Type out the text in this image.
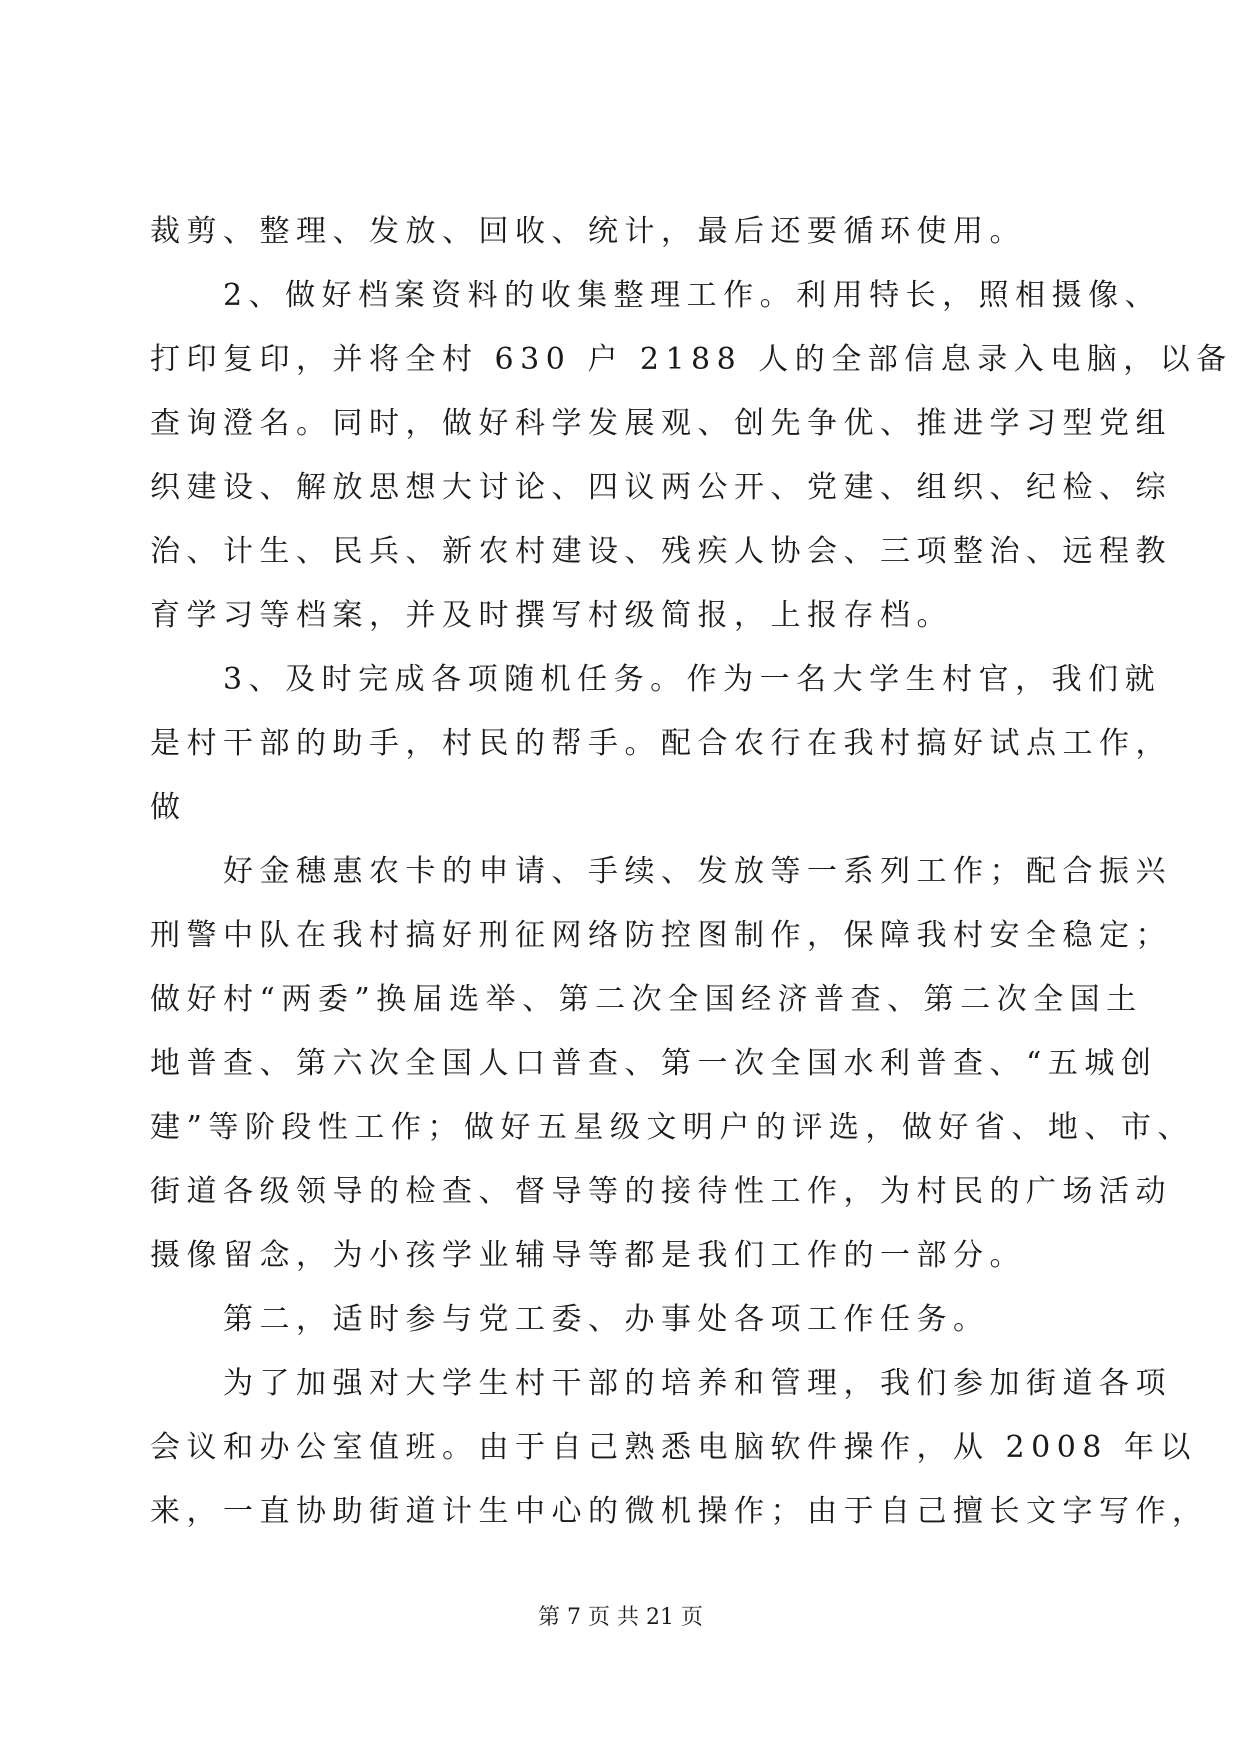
裁剪、整理、发放、回收、统计，最后还要循环使用。
　　2、做好档案资料的收集整理工作。利用特长，照相摄像、
打印复印，并将全村 630 户 2188 人的全部信息录入电脑，以备
查询澄名。同时，做好科学发展观、创先争优、推进学习型党组
织建设、解放思想大讨论、四议两公开、党建、组织、纪检、综
治、计生、民兵、新农村建设、残疾人协会、三项整治、远程教
育学习等档案，并及时撰写村级简报，上报存档。
　　3、及时完成各项随机任务。作为一名大学生村官，我们就
是村干部的助手，村民的帮手。配合农行在我村搞好试点工作，
做
　　好金穗惠农卡的申请、手续、发放等一系列工作；配合振兴
刑警中队在我村搞好刑征网络防控图制作，保障我村安全稳定；
做好村“两委”换届选举、第二次全国经济普查、第二次全国土
地普查、第六次全国人口普查、第一次全国水利普查、“五城创
建”等阶段性工作；做好五星级文明户的评选，做好省、地、市、
街道各级领导的检查、督导等的接待性工作，为村民的广场活动
摄像留念，为小孩学业辅导等都是我们工作的一部分。
　　第二，适时参与党工委、办事处各项工作任务。
　　为了加强对大学生村干部的培养和管理，我们参加街道各项
会议和办公室值班。由于自己熟悉电脑软件操作，从 2008 年以
来，一直协助街道计生中心的微机操作；由于自己擅长文字写作，
第 7 页 共 21 页
